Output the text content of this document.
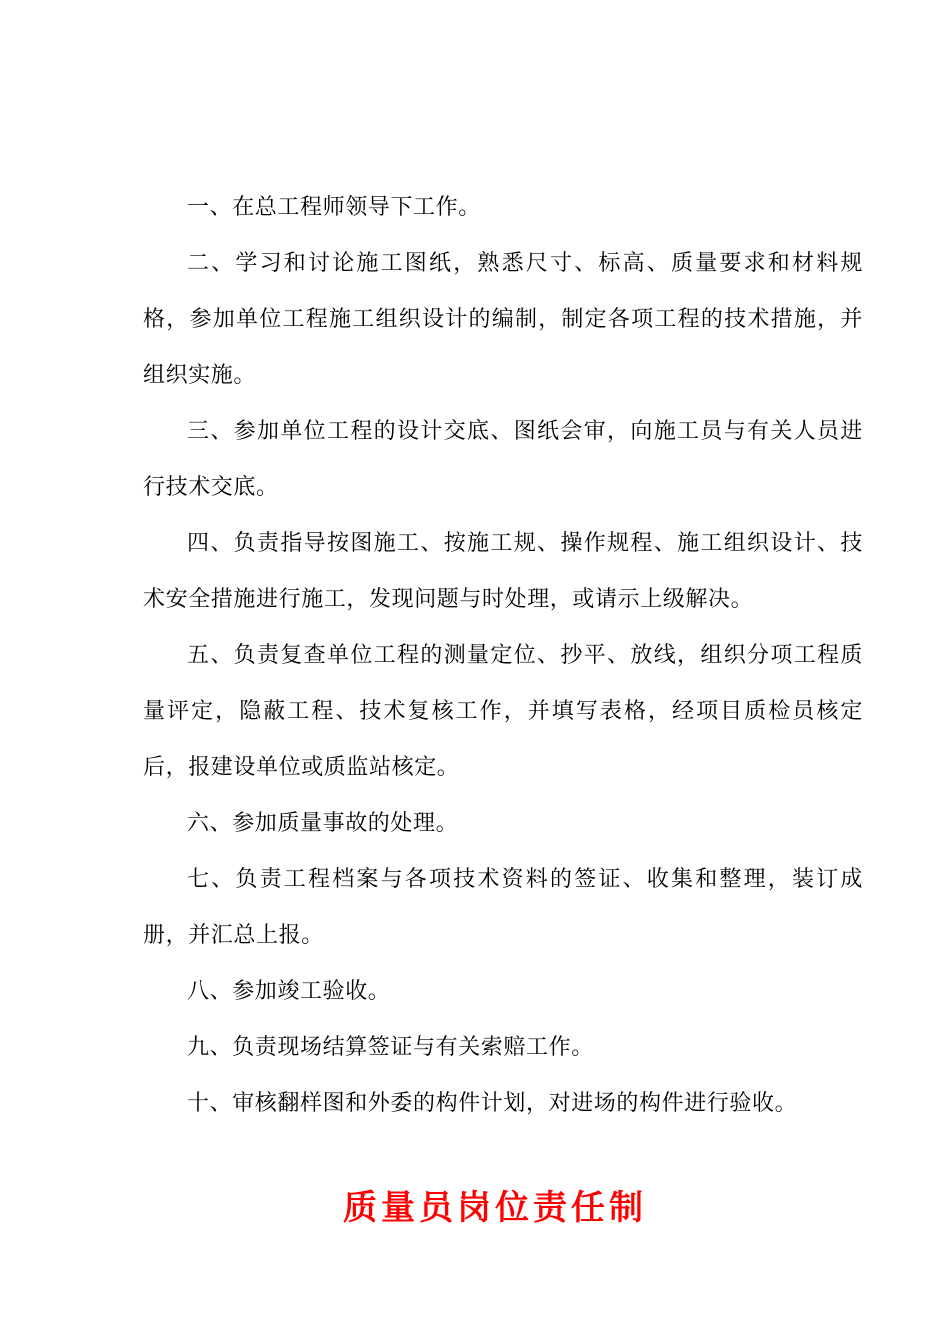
一、在总工程师领导下工作。

二、学习和讨论施工图纸，熟悉尺寸、标高、质量要求和材料规格，参加单位工程施工组织设计的编制，制定各项工程的技术措施，并组织实施。

三、参加单位工程的设计交底、图纸会审，向施工员与有关人员进行技术交底。

四、负责指导按图施工、按施工规、操作规程、施工组织设计、技术安全措施进行施工，发现问题与时处理，或请示上级解决。

五、负责复查单位工程的测量定位、抄平、放线，组织分项工程质量评定，隐蔽工程、技术复核工作，并填写表格，经项目质检员核定后，报建设单位或质监站核定。

六、参加质量事故的处理。

七、负责工程档案与各项技术资料的签证、收集和整理，装订成册，并汇总上报。

八、参加竣工验收。

九、负责现场结算签证与有关索赔工作。

十、审核翻样图和外委的构件计划，对进场的构件进行验收。

质量员岗位责任制
